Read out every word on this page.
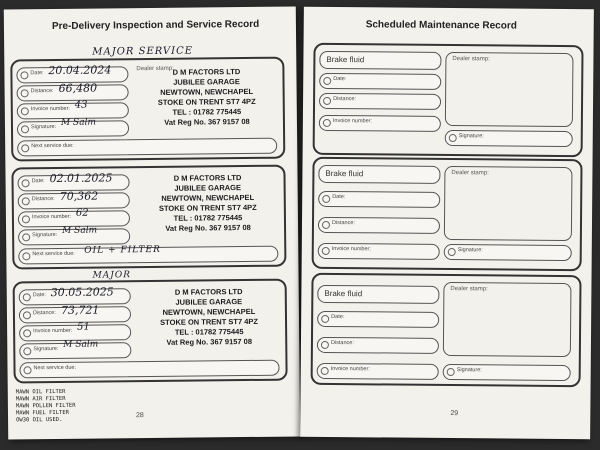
Pre-Delivery Inspection and Service Record
MAJOR SERVICE
Date: 20.04.2024
Distance: 66,480
Invoice number: 43
Signature: M Salm
Next service due:
Dealer stamp:
D M FACTORS LTD
JUBILEE GARAGE
NEWTOWN, NEWCHAPEL
STOKE ON TRENT ST7 4PZ
TEL : 01782 775445
Vat Reg No. 367 9157 08
Date: 02.01.2025
Distance: 70,362
Invoice number: 62
Signature: M Salm
Next service due: OIL + FILTER
D M FACTORS LTD
JUBILEE GARAGE
NEWTOWN, NEWCHAPEL
STOKE ON TRENT ST7 4PZ
TEL : 01782 775445
Vat Reg No. 367 9157 08
MAJOR
Date: 30.05.2025
Distance: 73,721
Invoice number: 51
Signature: M Salm
Next service due:
D M FACTORS LTD
JUBILEE GARAGE
NEWTOWN, NEWCHAPEL
STOKE ON TRENT ST7 4PZ
TEL : 01782 775445
Vat Reg No. 367 9157 08
MAWN OIL FILTER
MAWN AIR FILTER
MAWN POLLEN FILTER
MAWN FUEL FILTER
OW30 OIL USED.
28
Scheduled Maintenance Record
Brake fluid
Date:
Distance:
Invoice number:
Dealer stamp:
Signature:
Brake fluid
Date:
Distance:
Invoice number:
Dealer stamp:
Signature:
Brake fluid
Date:
Distance:
Invoice number:
Dealer stamp:
Signature:
29
